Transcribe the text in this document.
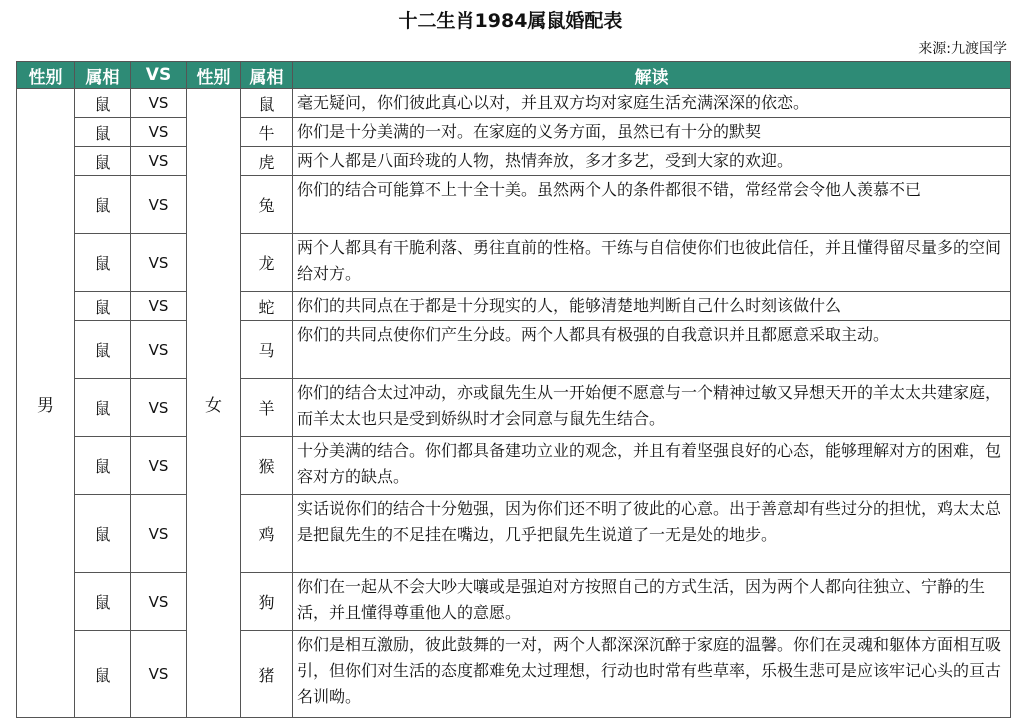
十二生肖1984属鼠婚配表
来源:九渡国学
性别	属相	VS	性别	属相	解读
男	鼠	VS	女	鼠	毫无疑问，你们彼此真心以对，并且双方均对家庭生活充满深深的依恋。
	鼠	VS		牛	你们是十分美满的一对。在家庭的义务方面，虽然已有十分的默契
	鼠	VS		虎	两个人都是八面玲珑的人物，热情奔放，多才多艺，受到大家的欢迎。
	鼠	VS		兔	你们的结合可能算不上十全十美。虽然两个人的条件都很不错，常经常会令他人羡慕不已
	鼠	VS		龙	两个人都具有干脆利落、勇往直前的性格。干练与自信使你们也彼此信任，并且懂得留尽量多的空间给对方。
	鼠	VS		蛇	你们的共同点在于都是十分现实的人，能够清楚地判断自己什么时刻该做什么
	鼠	VS		马	你们的共同点使你们产生分歧。两个人都具有极强的自我意识并且都愿意采取主动。
	鼠	VS		羊	你们的结合太过冲动，亦或鼠先生从一开始便不愿意与一个精神过敏又异想天开的羊太太共建家庭，而羊太太也只是受到娇纵时才会同意与鼠先生结合。
	鼠	VS		猴	十分美满的结合。你们都具备建功立业的观念，并且有着坚强良好的心态，能够理解对方的困难，包容对方的缺点。
	鼠	VS		鸡	实话说你们的结合十分勉强，因为你们还不明了彼此的心意。出于善意却有些过分的担忧，鸡太太总是把鼠先生的不足挂在嘴边，几乎把鼠先生说道了一无是处的地步。
	鼠	VS		狗	你们在一起从不会大吵大嚷或是强迫对方按照自己的方式生活，因为两个人都向往独立、宁静的生活，并且懂得尊重他人的意愿。
	鼠	VS		猪	你们是相互激励，彼此鼓舞的一对，两个人都深深沉醉于家庭的温馨。你们在灵魂和躯体方面相互吸引，但你们对生活的态度都难免太过理想，行动也时常有些草率，乐极生悲可是应该牢记心头的亘古名训呦。
